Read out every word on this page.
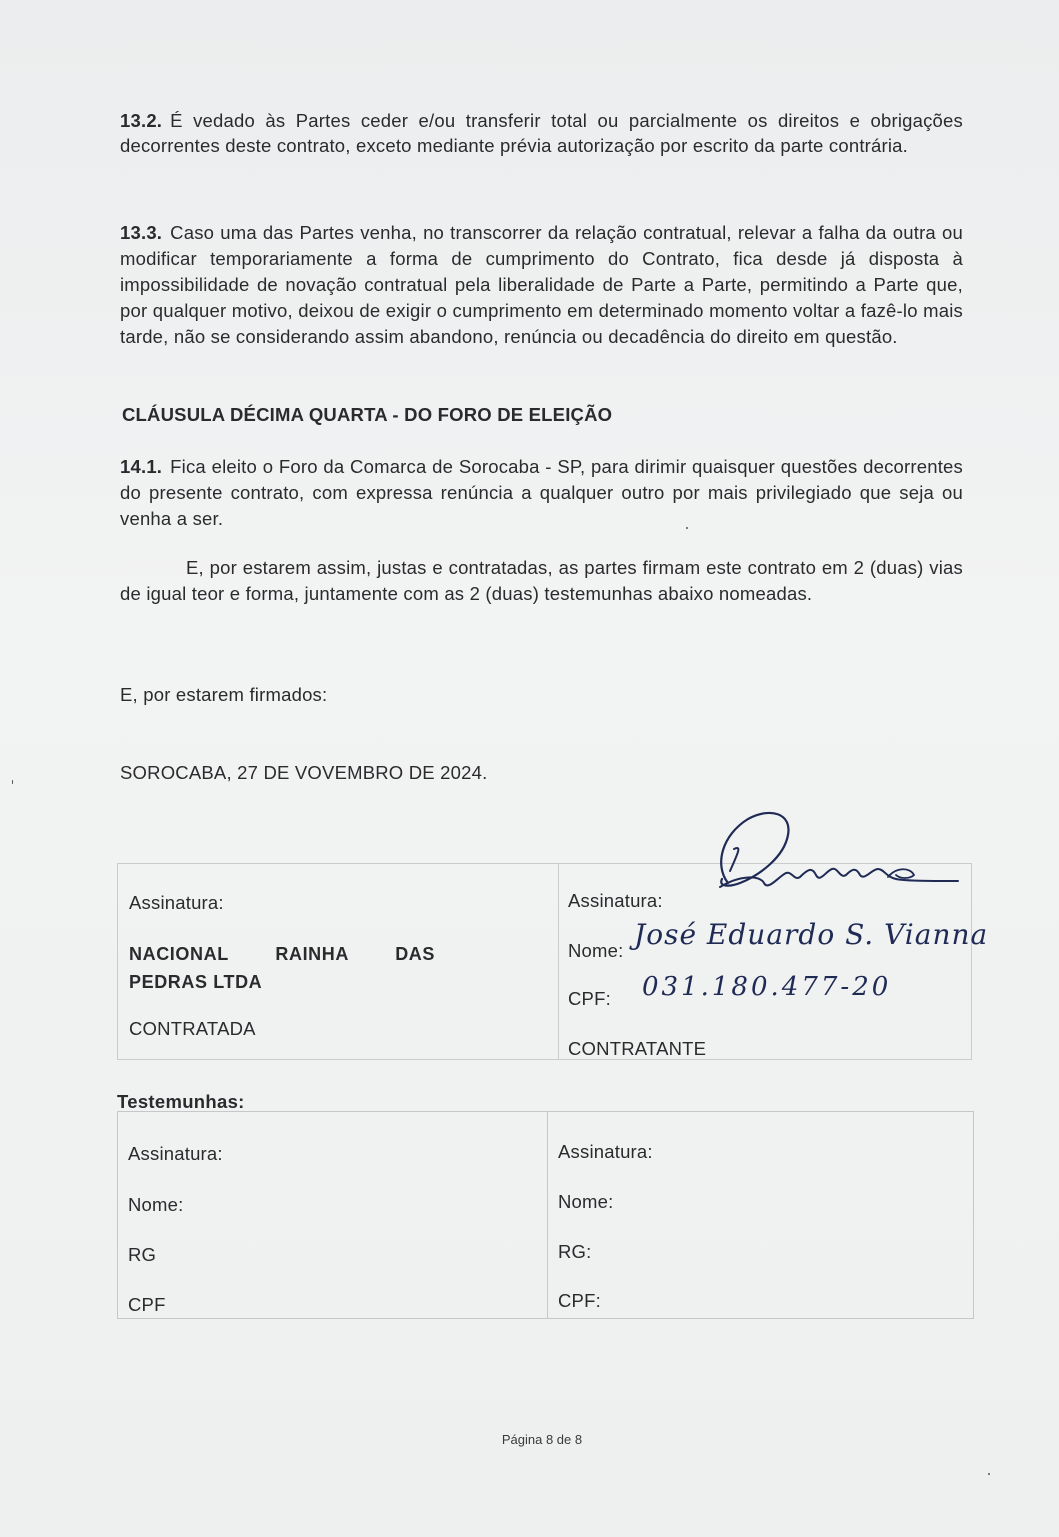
13.2. É vedado às Partes ceder e/ou transferir total ou parcialmente os direitos e obrigações decorrentes deste contrato, exceto mediante prévia autorização por escrito da parte contrária.
13.3. Caso uma das Partes venha, no transcorrer da relação contratual, relevar a falha da outra ou modificar temporariamente a forma de cumprimento do Contrato, fica desde já disposta à impossibilidade de novação contratual pela liberalidade de Parte a Parte, permitindo a Parte que, por qualquer motivo, deixou de exigir o cumprimento em determinado momento voltar a fazê-lo mais tarde, não se considerando assim abandono, renúncia ou decadência do direito em questão.
CLÁUSULA DÉCIMA QUARTA - DO FORO DE ELEIÇÃO
14.1. Fica eleito o Foro da Comarca de Sorocaba - SP, para dirimir quaisquer questões decorrentes do presente contrato, com expressa renúncia a qualquer outro por mais privilegiado que seja ou venha a ser.
E, por estarem assim, justas e contratadas, as partes firmam este contrato em 2 (duas) vias de igual teor e forma, juntamente com as 2 (duas) testemunhas abaixo nomeadas.
E, por estarem firmados:
SOROCABA, 27 DE VOVEMBRO DE 2024.
Assinatura:
NACIONAL RAINHA DAS PEDRAS LTDA
CONTRATADA
Assinatura:
Nome:
CPF:
CONTRATANTE
José Eduardo S. Vianna
031.180.477-20
Testemunhas:
Assinatura:
Nome:
RG
CPF
Assinatura:
Nome:
RG:
CPF:
Página 8 de 8
